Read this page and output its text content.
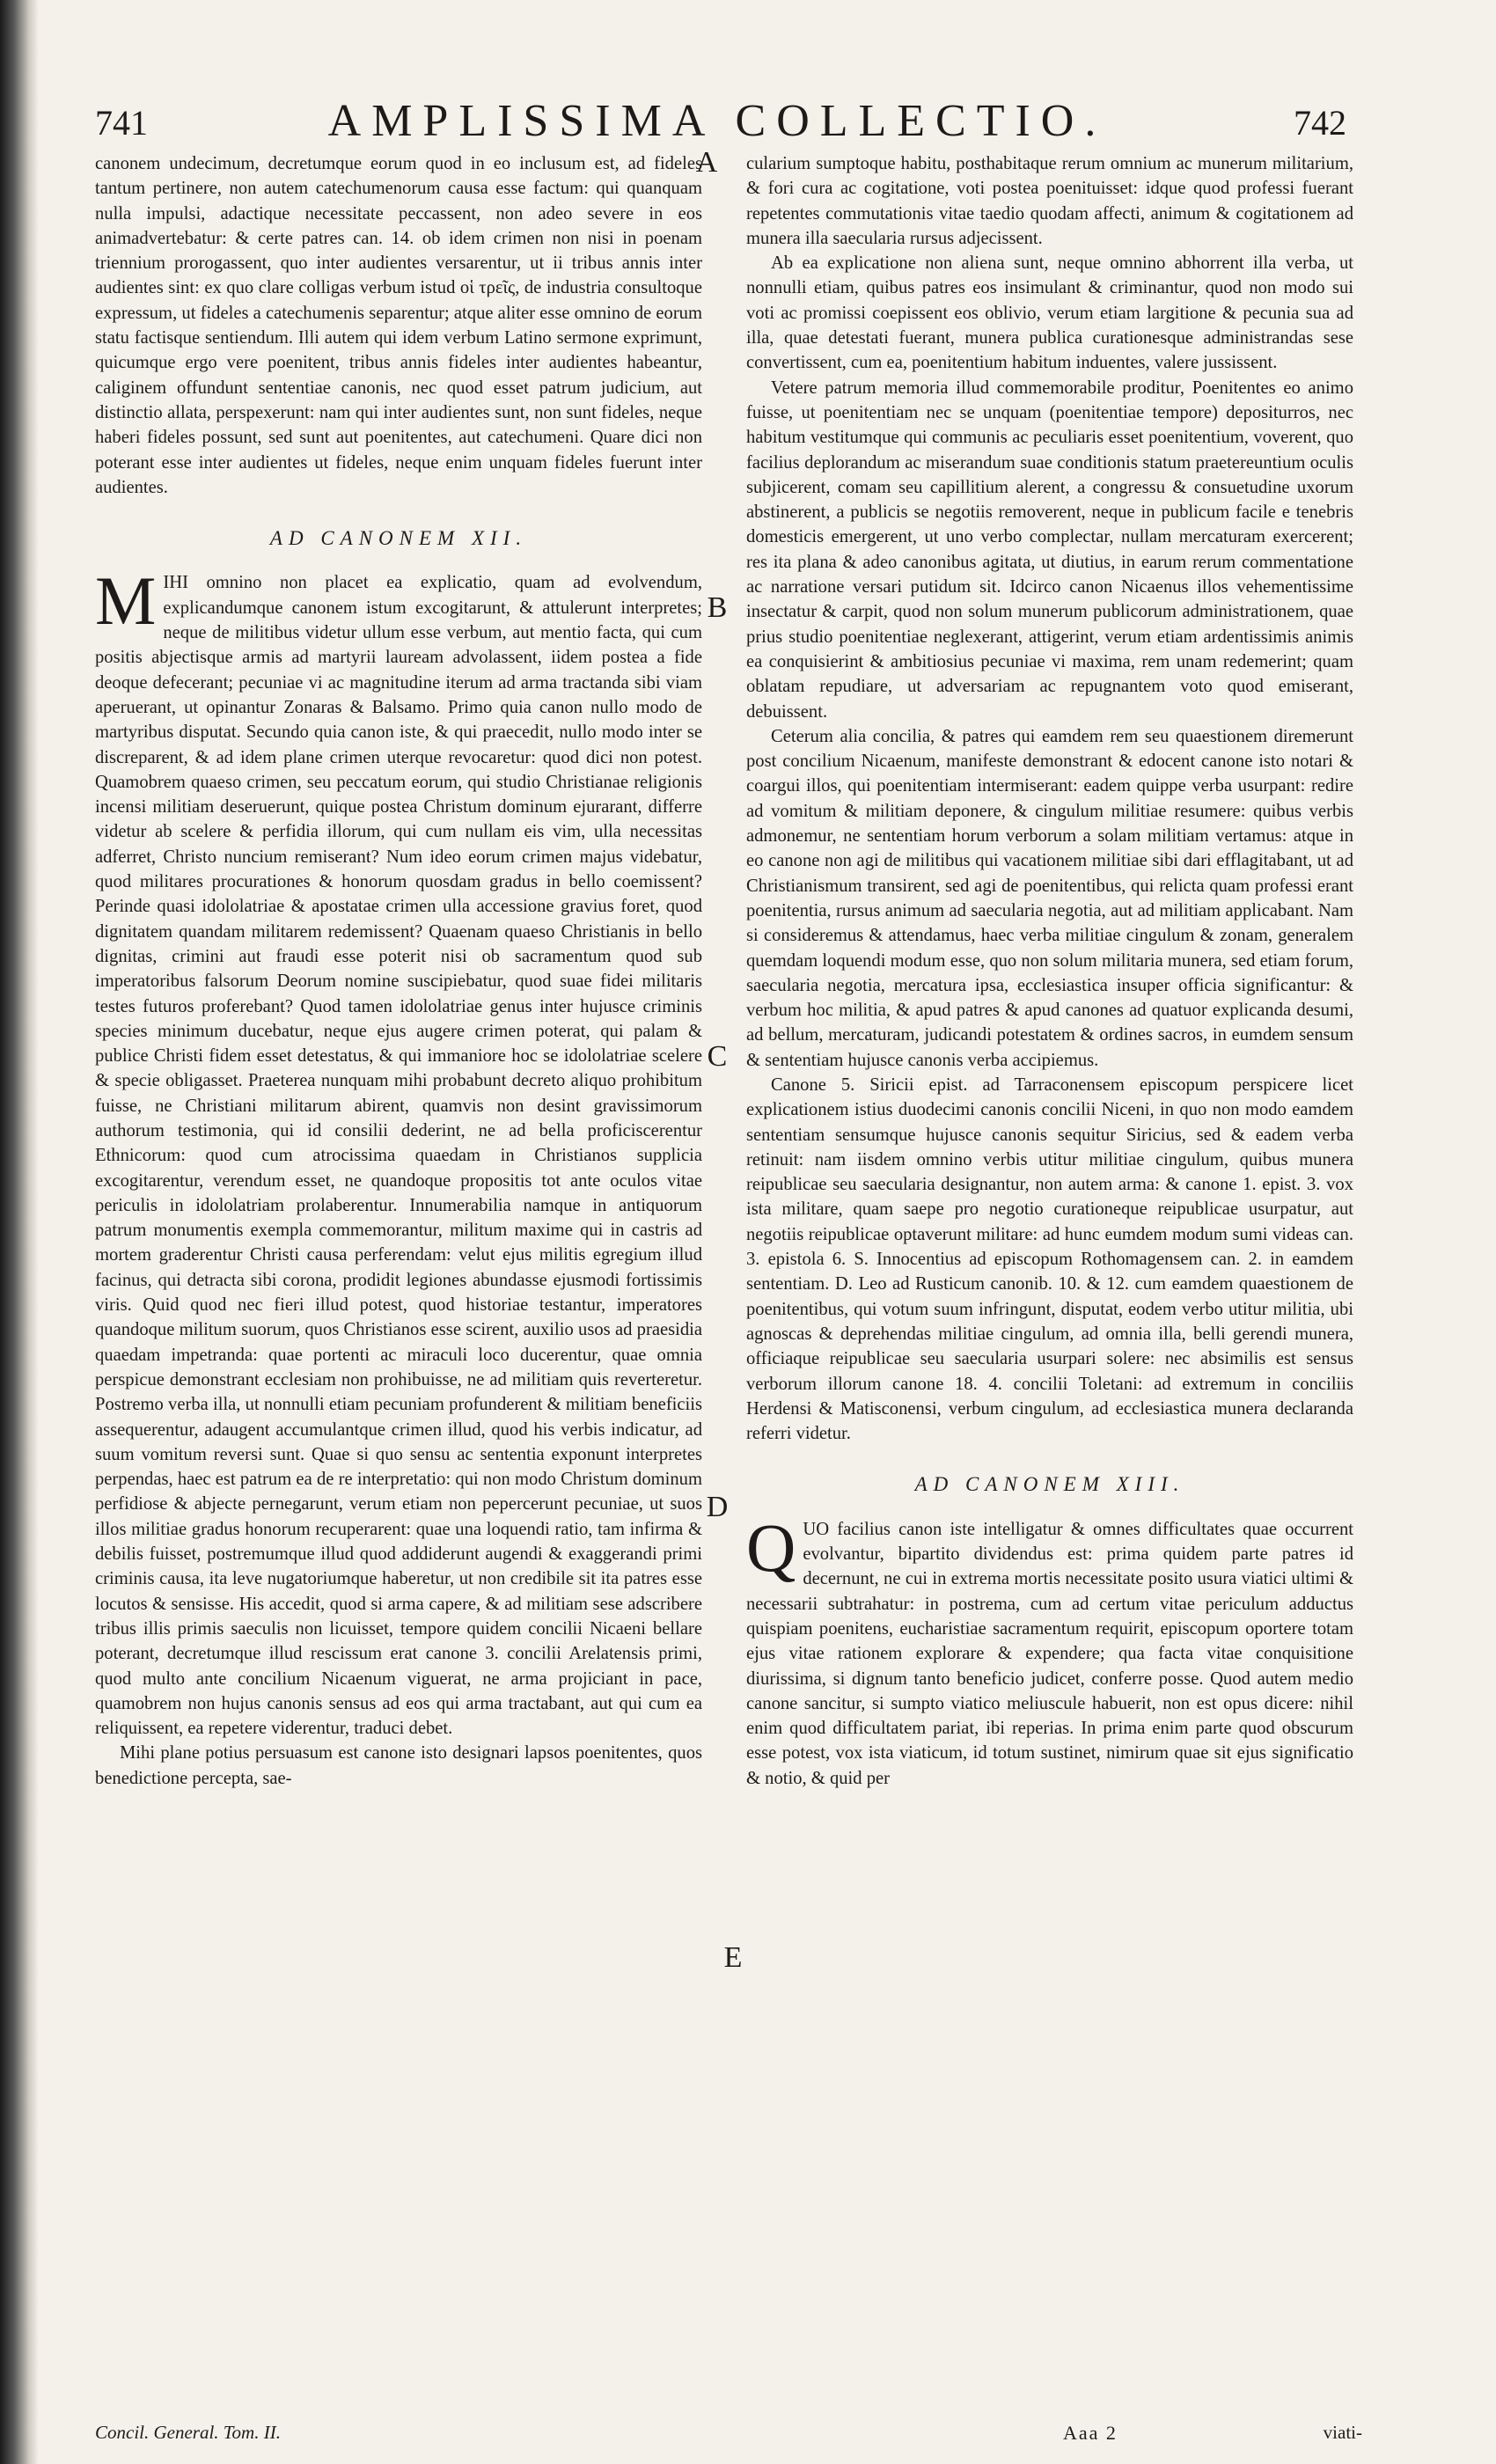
741	AMPLISSIMA COLLECTIO.	742
A
B
C
D
E

canonem undecimum, decretumque eorum quod in eo inclusum est, ad fideles tantum pertinere, non autem catechumenorum causa esse factum: qui quanquam nulla impulsi, adactique necessitate peccassent, non adeo severe in eos animadvertebatur: & certe patres can. 14. ob idem crimen non nisi in poenam triennium prorogassent, quo inter audientes versarentur, ut ii tribus annis inter audientes sint: ex quo clare colligas verbum istud οἱ τρεῖς, de industria consultoque expressum, ut fideles a catechumenis separentur; atque aliter esse omnino de eorum statu factisque sentiendum. Illi autem qui idem verbum Latino sermone exprimunt, quicumque ergo vere poenitent, tribus annis fideles inter audientes habeantur, caliginem offundunt sententiae canonis, nec quod esset patrum judicium, aut distinctio allata, perspexerunt: nam qui inter audientes sunt, non sunt fideles, neque haberi fideles possunt, sed sunt aut poenitentes, aut catechumeni. Quare dici non poterant esse inter audientes ut fideles, neque enim unquam fideles fuerunt inter audientes.

AD CANONEM XII.

MIHI omnino non placet ea explicatio, quam ad evolvendum, explicandumque canonem istum excogitarunt, & attulerunt interpretes; neque de militibus videtur ullum esse verbum, aut mentio facta, qui cum positis abjectisque armis ad martyrii lauream advolassent, iidem postea a fide deoque defecerant; pecuniae vi ac magnitudine iterum ad arma tractanda sibi viam aperuerant, ut opinantur Zonaras & Balsamo. Primo quia canon nullo modo de martyribus disputat. Secundo quia canon iste, & qui praecedit, nullo modo inter se discreparent, & ad idem plane crimen uterque revocaretur: quod dici non potest. Quamobrem quaeso crimen, seu peccatum eorum, qui studio Christianae religionis incensi militiam deseruerunt, quique postea Christum dominum ejurarant, differre videtur ab scelere & perfidia illorum, qui cum nullam eis vim, ulla necessitas adferret, Christo nuncium remiserant? Num ideo eorum crimen majus videbatur, quod militares procurationes & honorum quosdam gradus in bello coemissent? Perinde quasi idololatriae & apostatae crimen ulla accessione gravius foret, quod dignitatem quandam militarem redemissent? Quaenam quaeso Christianis in bello dignitas, crimini aut fraudi esse poterit nisi ob sacramentum quod sub imperatoribus falsorum Deorum nomine suscipiebatur, quod suae fidei militaris testes futuros proferebant? Quod tamen idololatriae genus inter hujusce criminis species minimum ducebatur, neque ejus augere crimen poterat, qui palam & publice Christi fidem esset detestatus, & qui immaniore hoc se idololatriae scelere & specie obligasset. Praeterea nunquam mihi probabunt decreto aliquo prohibitum fuisse, ne Christiani militarum abirent, quamvis non desint gravissimorum authorum testimonia, qui id consilii dederint, ne ad bella proficiscerentur Ethnicorum: quod cum atrocissima quaedam in Christianos supplicia excogitarentur, verendum esset, ne quandoque propositis tot ante oculos vitae periculis in idololatriam prolaberentur. Innumerabilia namque in antiquorum patrum monumentis exempla commemorantur, militum maxime qui in castris ad mortem graderentur Christi causa perferendam: velut ejus militis egregium illud facinus, qui detracta sibi corona, prodidit legiones abundasse ejusmodi fortissimis viris. Quid quod nec fieri illud potest, quod historiae testantur, imperatores quandoque militum suorum, quos Christianos esse scirent, auxilio usos ad praesidia quaedam impetranda: quae portenti ac miraculi loco ducerentur, quae omnia perspicue demonstrant ecclesiam non prohibuisse, ne ad militiam quis reverteretur. Postremo verba illa, ut nonnulli etiam pecuniam profunderent & militiam beneficiis assequerentur, adaugent accumulantque crimen illud, quod his verbis indicatur, ad suum vomitum reversi sunt. Quae si quo sensu ac sententia exponunt interpretes perpendas, haec est patrum ea de re interpretatio: qui non modo Christum dominum perfidiose & abjecte pernegarunt, verum etiam non pepercerunt pecuniae, ut suos illos militiae gradus honorum recuperarent: quae una loquendi ratio, tam infirma & debilis fuisset, postremumque illud quod addiderunt augendi & exaggerandi primi criminis causa, ita leve nugatoriumque haberetur, ut non credibile sit ita patres esse locutos & sensisse. His accedit, quod si arma capere, & ad militiam sese adscribere tribus illis primis saeculis non licuisset, tempore quidem concilii Nicaeni bellare poterant, decretumque illud rescissum erat canone 3. concilii Arelatensis primi, quod multo ante concilium Nicaenum viguerat, ne arma projiciant in pace, quamobrem non hujus canonis sensus ad eos qui arma tractabant, aut qui cum ea reliquissent, ea repetere viderentur, traduci debet.

Mihi plane potius persuasum est canone isto designari lapsos poenitentes, quos benedictione percepta, sae-

cularium sumptoque habitu, posthabitaque rerum omnium ac munerum militarium, & fori cura ac cogitatione, voti postea poenituisset: idque quod professi fuerant repetentes commutationis vitae taedio quodam affecti, animum & cogitationem ad munera illa saecularia rursus adjecissent.

Ab ea explicatione non aliena sunt, neque omnino abhorrent illa verba, ut nonnulli etiam, quibus patres eos insimulant & criminantur, quod non modo sui voti ac promissi coepissent eos oblivio, verum etiam largitione & pecunia sua ad illa, quae detestati fuerant, munera publica curationesque administrandas sese convertissent, cum ea, poenitentium habitum induentes, valere jussissent.

Vetere patrum memoria illud commemorabile proditur, Poenitentes eo animo fuisse, ut poenitentiam nec se unquam (poenitentiae tempore) depositurros, nec habitum vestitumque qui communis ac peculiaris esset poenitentium, voverent, quo facilius deplorandum ac miserandum suae conditionis statum praetereuntium oculis subjicerent, comam seu capillitium alerent, a congressu & consuetudine uxorum abstinerent, a publicis se negotiis removerent, neque in publicum facile e tenebris domesticis emergerent, ut uno verbo complectar, nullam mercaturam exercerent; res ita plana & adeo canonibus agitata, ut diutius, in earum rerum commentatione ac narratione versari putidum sit. Idcirco canon Nicaenus illos vehementissime insectatur & carpit, quod non solum munerum publicorum administrationem, quae prius studio poenitentiae neglexerant, attigerint, verum etiam ardentissimis animis ea conquisierint & ambitiosius pecuniae vi maxima, rem unam redemerint; quam oblatam repudiare, ut adversariam ac repugnantem voto quod emiserant, debuissent.

Ceterum alia concilia, & patres qui eamdem rem seu quaestionem diremerunt post concilium Nicaenum, manifeste demonstrant & edocent canone isto notari & coargui illos, qui poenitentiam intermiserant: eadem quippe verba usurpant: redire ad vomitum & militiam deponere, & cingulum militiae resumere: quibus verbis admonemur, ne sententiam horum verborum a solam militiam vertamus: atque in eo canone non agi de militibus qui vacationem militiae sibi dari efflagitabant, ut ad Christianismum transirent, sed agi de poenitentibus, qui relicta quam professi erant poenitentia, rursus animum ad saecularia negotia, aut ad militiam applicabant. Nam si consideremus & attendamus, haec verba militiae cingulum & zonam, generalem quemdam loquendi modum esse, quo non solum militaria munera, sed etiam forum, saecularia negotia, mercatura ipsa, ecclesiastica insuper officia significantur: & verbum hoc militia, & apud patres & apud canones ad quatuor explicanda desumi, ad bellum, mercaturam, judicandi potestatem & ordines sacros, in eumdem sensum & sententiam hujusce canonis verba accipiemus.

Canone 5. Siricii epist. ad Tarraconensem episcopum perspicere licet explicationem istius duodecimi canonis concilii Niceni, in quo non modo eamdem sententiam sensumque hujusce canonis sequitur Siricius, sed & eadem verba retinuit: nam iisdem omnino verbis utitur militiae cingulum, quibus munera reipublicae seu saecularia designantur, non autem arma: & canone 1. epist. 3. vox ista militare, quam saepe pro negotio curationeque reipublicae usurpatur, aut negotiis reipublicae optaverunt militare: ad hunc eumdem modum sumi videas can. 3. epistola 6. S. Innocentius ad episcopum Rothomagensem can. 2. in eamdem sententiam. D. Leo ad Rusticum canonib. 10. & 12. cum eamdem quaestionem de poenitentibus, qui votum suum infringunt, disputat, eodem verbo utitur militia, ubi agnoscas & deprehendas militiae cingulum, ad omnia illa, belli gerendi munera, officiaque reipublicae seu saecularia usurpari solere: nec absimilis est sensus verborum illorum canone 18. 4. concilii Toletani: ad extremum in conciliis Herdensi & Matisconensi, verbum cingulum, ad ecclesiastica munera declaranda referri videtur.

AD CANONEM XIII.

QUO facilius canon iste intelligatur & omnes difficultates quae occurrent evolvantur, bipartito dividendus est: prima quidem parte patres id decernunt, ne cui in extrema mortis necessitate posito usura viatici ultimi & necessarii subtrahatur: in postrema, cum ad certum vitae periculum adductus quispiam poenitens, eucharistiae sacramentum requirit, episcopum oportere totam ejus vitae rationem explorare & expendere; qua facta vitae conquisitione diurissima, si dignum tanto beneficio judicet, conferre posse. Quod autem medio canone sancitur, si sumpto viatico meliuscule habuerit, non est opus dicere: nihil enim quod difficultatem pariat, ibi reperias. In prima enim parte quod obscurum esse potest, vox ista viaticum, id totum sustinet, nimirum quae sit ejus significatio & notio, & quid per

Concil. General. Tom. II.	Aaa 2	viati-
